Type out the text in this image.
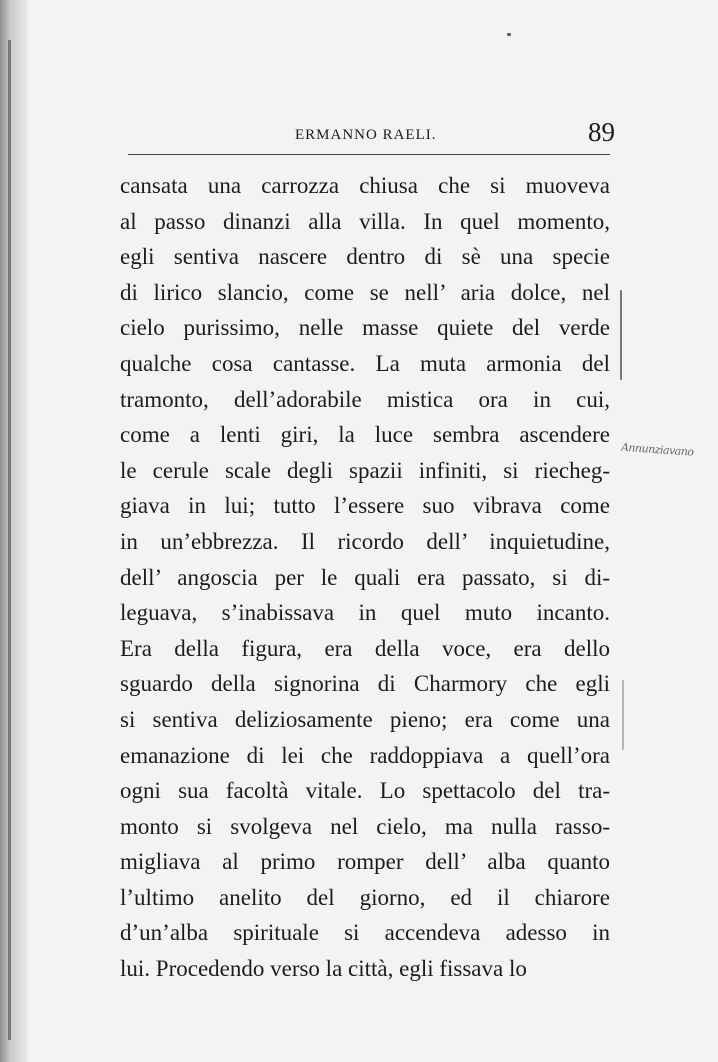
ERMANNO RAELI.	89
cansata una carrozza chiusa che si muoveva
al passo dinanzi alla villa. In quel momento,
egli sentiva nascere dentro di sè una specie
di lirico slancio, come se nell’ aria dolce, nel
cielo purissimo, nelle masse quiete del verde
qualche cosa cantasse. La muta armonia del
tramonto, dell’adorabile mistica ora in cui,
come a lenti giri, la luce sembra ascendere
le cerule scale degli spazii infiniti, si riecheg-
giava in lui; tutto l’essere suo vibrava come
in un’ebbrezza. Il ricordo dell’ inquietudine,
dell’ angoscia per le quali era passato, si di-
leguava, s’inabissava in quel muto incanto.
Era della figura, era della voce, era dello
sguardo della signorina di Charmory che egli
si sentiva deliziosamente pieno; era come una
emanazione di lei che raddoppiava a quell’ora
ogni sua facoltà vitale. Lo spettacolo del tra-
monto si svolgeva nel cielo, ma nulla rasso-
migliava al primo romper dell’ alba quanto
l’ultimo anelito del giorno, ed il chiarore
d’un’alba spirituale si accendeva adesso in
lui. Procedendo verso la città, egli fissava lo
Annunziavano
